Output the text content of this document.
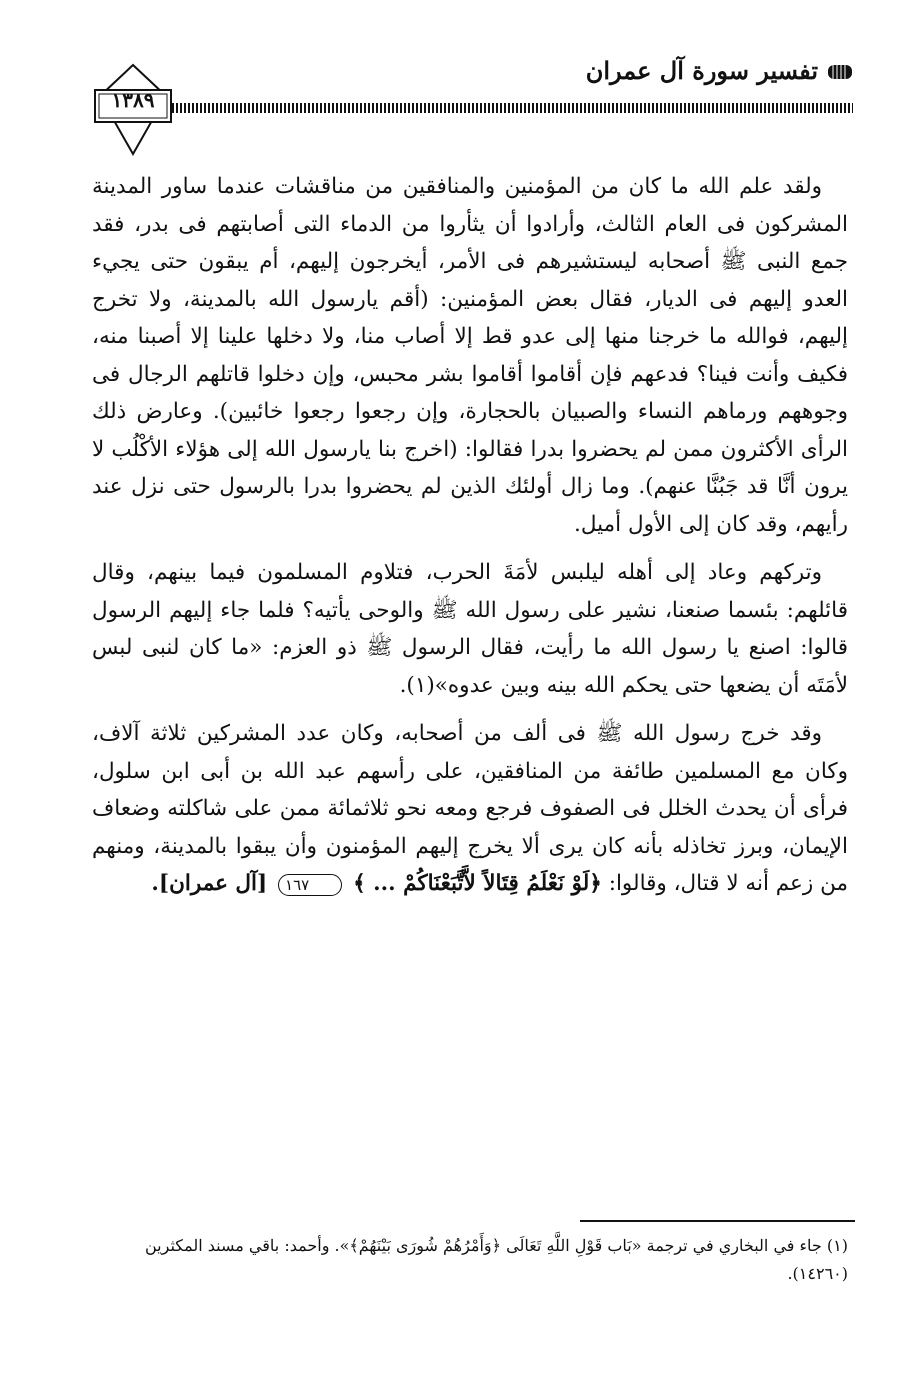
تفسير سورة آل عمران
١٣٨٩

ولقد علم الله ما كان من المؤمنين والمنافقين من مناقشات عندما ساور المدينة المشركون فى العام الثالث، وأرادوا أن يثأروا من الدماء التى أصابتهم فى بدر، فقد جمع النبى ﷺ أصحابه ليستشيرهم فى الأمر، أيخرجون إليهم، أم يبقون حتى يجيء العدو إليهم فى الديار، فقال بعض المؤمنين: (أقم يارسول الله بالمدينة، ولا تخرج إليهم، فوالله ما خرجنا منها إلى عدو قط إلا أصاب منا، ولا دخلها علينا إلا أصبنا منه، فكيف وأنت فينا؟ فدعهم فإن أقاموا أقاموا بشر محبس، وإن دخلوا قاتلهم الرجال فى وجوههم ورماهم النساء والصبيان بالحجارة، وإن رجعوا رجعوا خائبين). وعارض ذلك الرأى الأكثرون ممن لم يحضروا بدرا فقالوا: (اخرج بنا يارسول الله إلى هؤلاء الأكْلُب لا يرون أنَّا قد جَبُنَّا عنهم). وما زال أولئك الذين لم يحضروا بدرا بالرسول حتى نزل عند رأيهم، وقد كان إلى الأول أميل.

وتركهم وعاد إلى أهله ليلبس لأمَةَ الحرب، فتلاوم المسلمون فيما بينهم، وقال قائلهم: بئسما صنعنا، نشير على رسول الله ﷺ والوحى يأتيه؟ فلما جاء إليهم الرسول قالوا: اصنع يا رسول الله ما رأيت، فقال الرسول ﷺ ذو العزم: «ما كان لنبى لبس لأمَتَه أن يضعها حتى يحكم الله بينه وبين عدوه»(١).

وقد خرج رسول الله ﷺ فى ألف من أصحابه، وكان عدد المشركين ثلاثة آلاف، وكان مع المسلمين طائفة من المنافقين، على رأسهم عبد الله بن أبى ابن سلول، فرأى أن يحدث الخلل فى الصفوف فرجع ومعه نحو ثلاثمائة ممن على شاكلته وضعاف الإيمان، وبرز تخاذله بأنه كان يرى ألا يخرج إليهم المؤمنون وأن يبقوا بالمدينة، ومنهم من زعم أنه لا قتال، وقالوا: ﴿لَوْ نَعْلَمُ قِتَالاً لاَّتَّبَعْنَاكُمْ ... ﴾ ١٦٧ [آل عمران].

(١) جاء في البخاري في ترجمة «بَاب قَوْلِ اللَّهِ تَعَالَى ﴿وَأَمْرُهُمْ شُورَى بَيْنَهُمْ﴾». وأحمد: باقي مسند المكثرين (١٤٢٦٠).
